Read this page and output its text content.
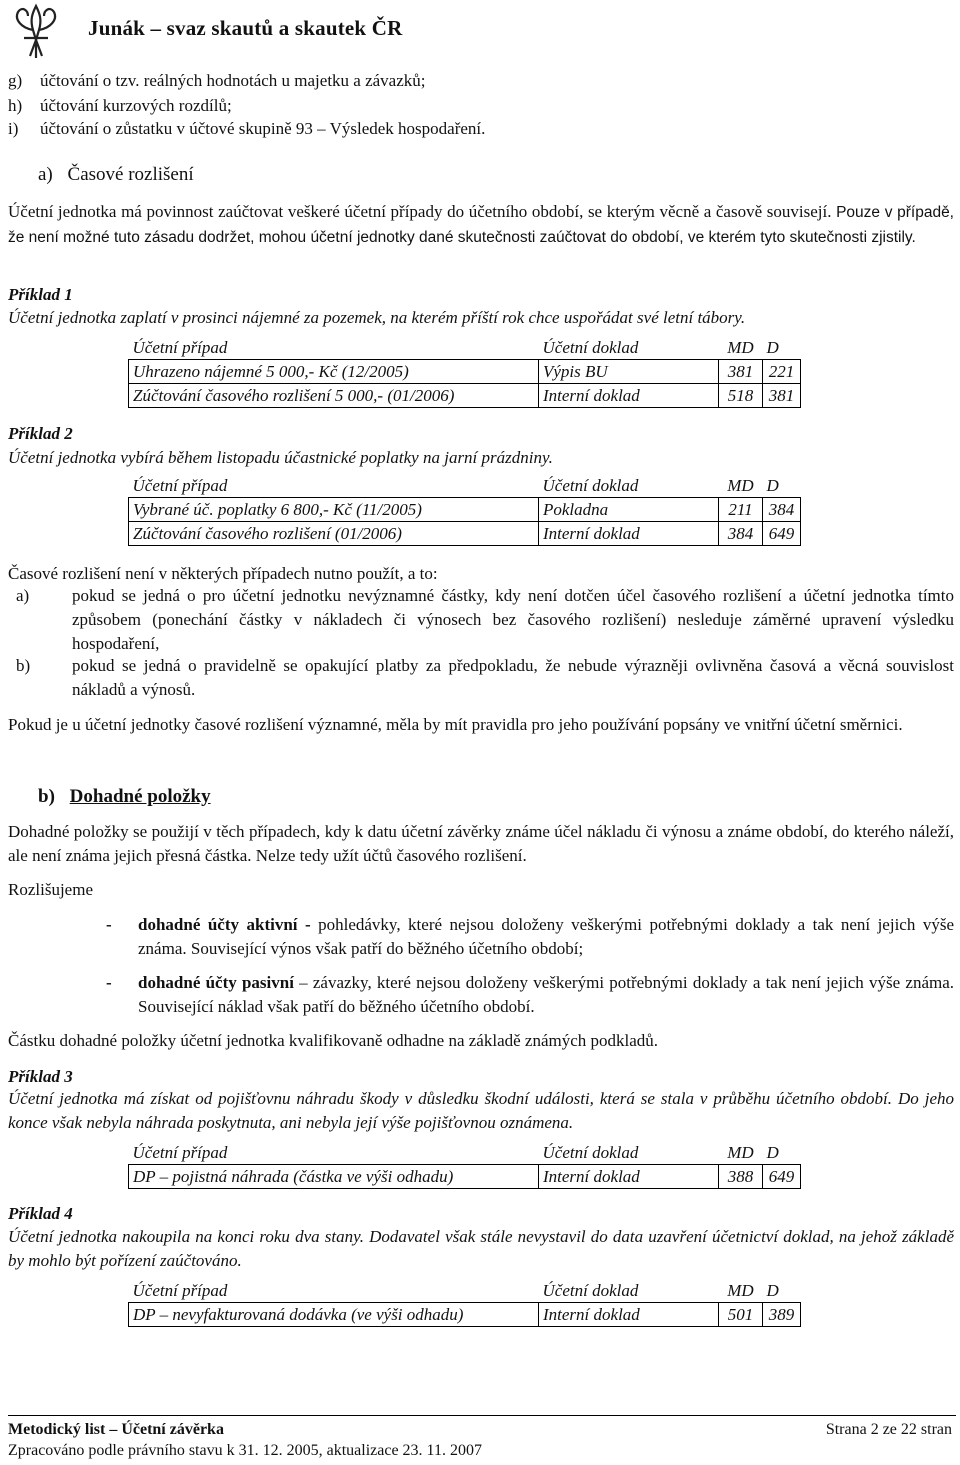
Junák – svaz skautů a skautek ČR
g) účtování o tzv. reálných hodnotách u majetku a závazků;
h) účtování kurzových rozdílů;
i) účtování o zůstatku v účtové skupině 93 – Výsledek hospodaření.
a) Časové rozlišení
Účetní jednotka má povinnost zaúčtovat veškeré účetní případy do účetního období, se kterým věcně a časově souvisejí. Pouze v případě, že není možné tuto zásadu dodržet, mohou účetní jednotky dané skutečnosti zaúčtovat do období, ve kterém tyto skutečnosti zjistily.
Příklad 1
Účetní jednotka zaplatí v prosinci nájemné za pozemek, na kterém příští rok chce uspořádat své letní tábory.
Účetní případ	Účetní doklad	MD	D
Uhrazeno nájemné 5 000,- Kč (12/2005)	Výpis BU	381	221
Zúčtování časového rozlišení 5 000,- (01/2006)	Interní doklad	518	381
Příklad 2
Účetní jednotka vybírá během listopadu účastnické poplatky na jarní prázdniny.
Účetní případ	Účetní doklad	MD	D
Vybrané úč. poplatky 6 800,- Kč (11/2005)	Pokladna	211	384
Zúčtování časového rozlišení (01/2006)	Interní doklad	384	649
Časové rozlišení není v některých případech nutno použít, a to:
a)	pokud se jedná o pro účetní jednotku nevýznamné částky, kdy není dotčen účel časového rozlišení a účetní jednotka tímto způsobem (ponechání částky v nákladech či výnosech bez časového rozlišení) nesleduje záměrné upravení výsledku hospodaření,
b) pokud se jedná o pravidelně se opakující platby za předpokladu, že nebude výrazněji ovlivněna časová a věcná souvislost nákladů a výnosů.
Pokud je u účetní jednotky časové rozlišení významné, měla by mít pravidla pro jeho používání popsány ve vnitřní účetní směrnici.
b) Dohadné položky
Dohadné položky se použijí v těch případech, kdy k datu účetní závěrky známe účel nákladu či výnosu a známe období, do kterého náleží, ale není známa jejich přesná částka. Nelze tedy užít účtů časového rozlišení.
Rozlišujeme
- dohadné účty aktivní - pohledávky, které nejsou doloženy veškerými potřebnými doklady a tak není jejich výše známa. Související výnos však patří do běžného účetního období;
- dohadné účty pasivní – závazky, které nejsou doloženy veškerými potřebnými doklady a tak není jejich výše známa. Související náklad však patří do běžného účetního období.
Částku dohadné položky účetní jednotka kvalifikovaně odhadne na základě známých podkladů.
Příklad 3
Účetní jednotka má získat od pojišťovnu náhradu škody v důsledku škodní události, která se stala v průběhu účetního období. Do jeho konce však nebyla náhrada poskytnuta, ani nebyla její výše pojišťovnou oznámena.
Účetní případ	Účetní doklad	MD	D
DP – pojistná náhrada (částka ve výši odhadu)	Interní doklad	388	649
Příklad 4
Účetní jednotka nakoupila na konci roku dva stany. Dodavatel však stále nevystavil do data uzavření účetnictví doklad, na jehož základě by mohlo být pořízení zaúčtováno.
Účetní případ	Účetní doklad	MD	D
DP – nevyfakturovaná dodávka (ve výši odhadu)	Interní doklad	501	389
Metodický list – Účetní závěrka	Strana 2 ze 22 stran
Zpracováno podle právního stavu k 31. 12. 2005, aktualizace 23. 11. 2007
